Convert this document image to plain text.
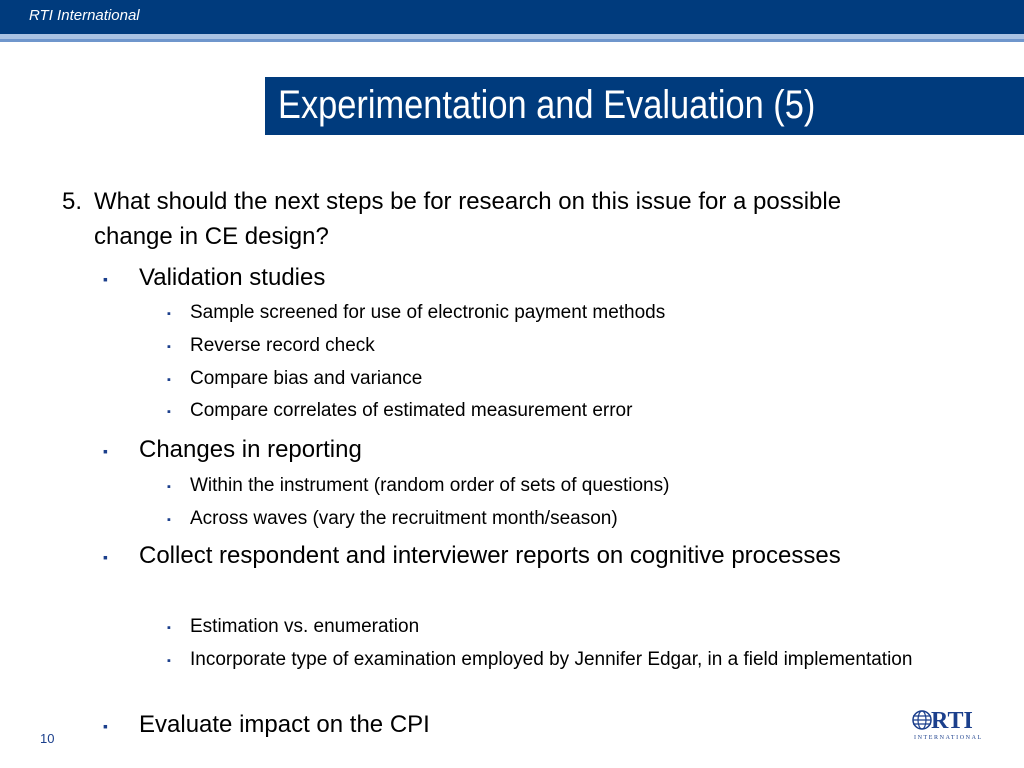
RTI International
Experimentation and Evaluation (5)
5. What should the next steps be for research on this issue for a possible change in CE design?
▪ Validation studies
▪ Sample screened for use of electronic payment methods
▪ Reverse record check
▪ Compare bias and variance
▪ Compare correlates of estimated measurement error
▪ Changes in reporting
▪ Within the instrument (random order of sets of questions)
▪ Across waves (vary the recruitment month/season)
▪ Collect respondent and interviewer reports on cognitive processes
▪ Estimation vs. enumeration
▪ Incorporate type of examination employed by Jennifer Edgar, in a field implementation
▪ Evaluate impact on the CPI
10
RTI
INTERNATIONAL
